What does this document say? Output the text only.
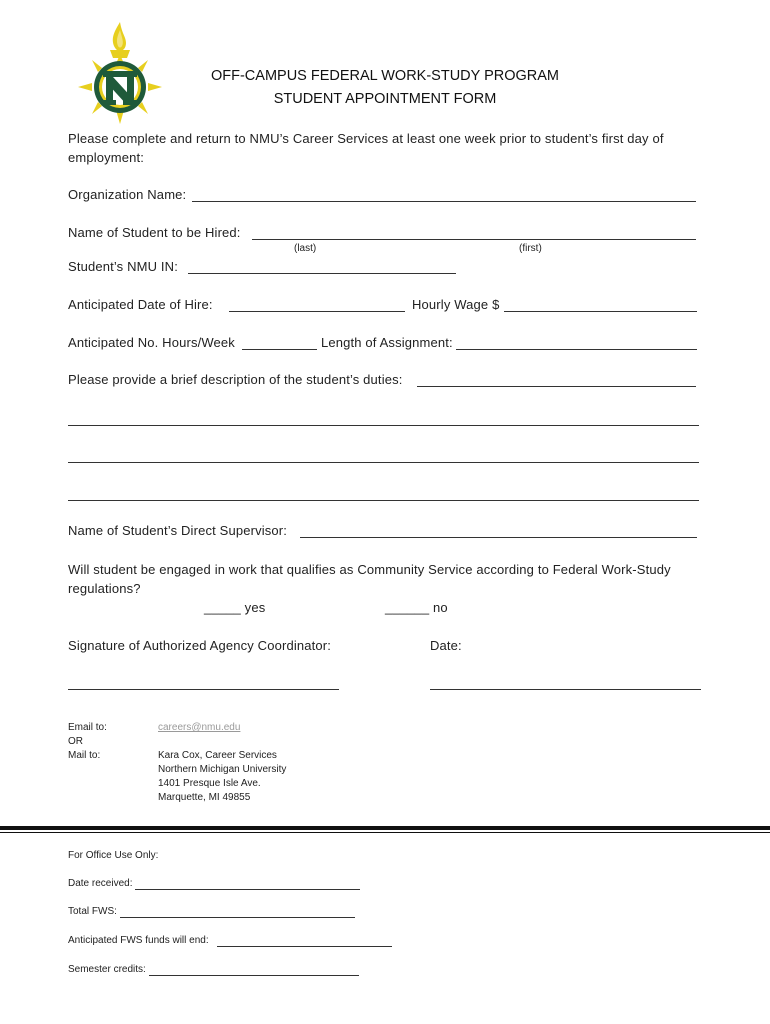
OFF-CAMPUS FEDERAL WORK-STUDY PROGRAM
STUDENT APPOINTMENT FORM
Please complete and return to NMU’s Career Services at least one week prior to student’s first day of
employment:
Organization Name:
Name of Student to be Hired:
(last)	(first)
Student’s NMU IN:
Anticipated Date of Hire:	Hourly Wage $
Anticipated No. Hours/Week	Length of Assignment:
Please provide a brief description of the student’s duties:
Name of Student’s Direct Supervisor:
Will student be engaged in work that qualifies as Community Service according to Federal Work-Study
regulations?
_____ yes	______ no
Signature of Authorized Agency Coordinator:	Date:
Email to:	careers@nmu.edu
OR
Mail to:	Kara Cox, Career Services
Northern Michigan University
1401 Presque Isle Ave.
Marquette, MI 49855
For Office Use Only:
Date received:
Total FWS:
Anticipated FWS funds will end:
Semester credits:
